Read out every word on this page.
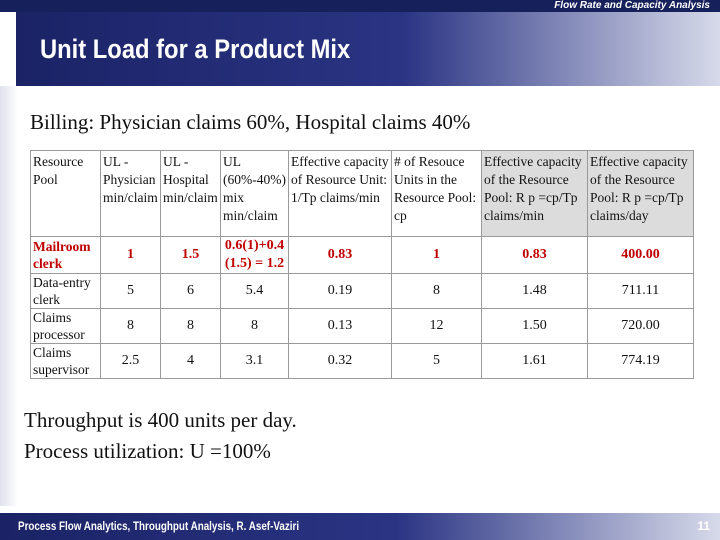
Flow Rate and Capacity Analysis
Unit Load for a Product Mix
Billing: Physician claims 60%, Hospital claims 40%
Resource Pool	UL - Physician min/claim	UL - Hospital min/claim	UL (60%-40%) mix min/claim	Effective capacity of Resource Unit: 1/Tp claims/min	# of Resouce Units in the Resource Pool: cp	Effective capacity of the Resource Pool: R p =cp/Tp claims/min	Effective capacity of the Resource Pool: R p =cp/Tp claims/day
Mailroom clerk	1	1.5	0.6(1)+0.4 (1.5) = 1.2	0.83	1	0.83	400.00
Data-entry clerk	5	6	5.4	0.19	8	1.48	711.11
Claims processor	8	8	8	0.13	12	1.50	720.00
Claims supervisor	2.5	4	3.1	0.32	5	1.61	774.19
Throughput is 400 units per day.
Process utilization: U =100%
Process Flow Analytics, Throughput Analysis, R. Asef-Vaziri	11
